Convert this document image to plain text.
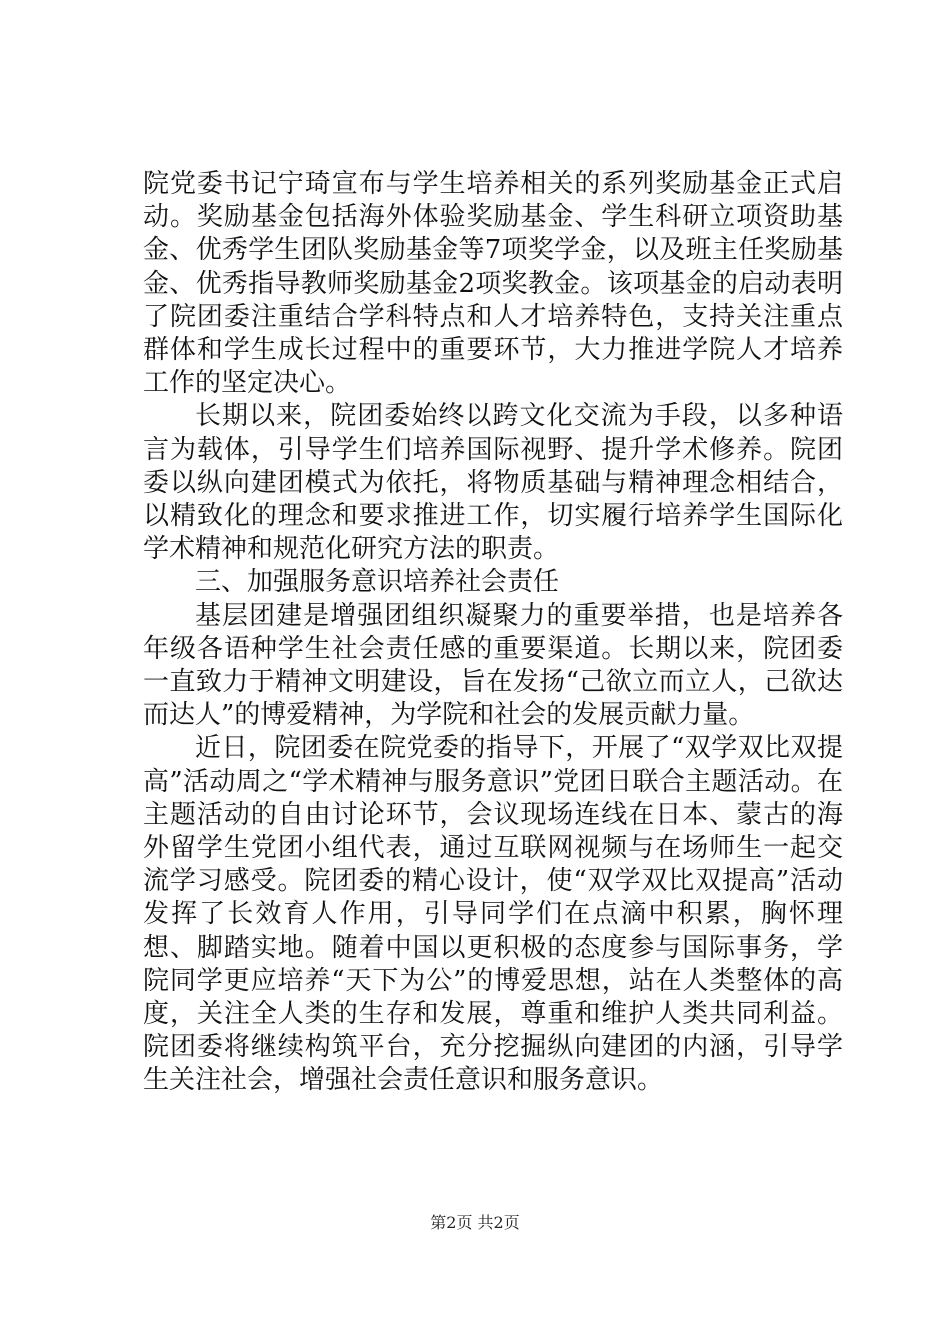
院党委书记宁琦宣布与学生培养相关的系列奖励基金正式启动。奖励基金包括海外体验奖励基金、学生科研立项资助基金、优秀学生团队奖励基金等7项奖学金，以及班主任奖励基金、优秀指导教师奖励基金2项奖教金。该项基金的启动表明了院团委注重结合学科特点和人才培养特色，支持关注重点群体和学生成长过程中的重要环节，大力推进学院人才培养工作的坚定决心。

长期以来，院团委始终以跨文化交流为手段，以多种语言为载体，引导学生们培养国际视野、提升学术修养。院团委以纵向建团模式为依托，将物质基础与精神理念相结合，以精致化的理念和要求推进工作，切实履行培养学生国际化学术精神和规范化研究方法的职责。

三、加强服务意识培养社会责任

基层团建是增强团组织凝聚力的重要举措，也是培养各年级各语种学生社会责任感的重要渠道。长期以来，院团委一直致力于精神文明建设，旨在发扬“己欲立而立人，己欲达而达人”的博爱精神，为学院和社会的发展贡献力量。

近日，院团委在院党委的指导下，开展了“双学双比双提高”活动周之“学术精神与服务意识”党团日联合主题活动。在主题活动的自由讨论环节，会议现场连线在日本、蒙古的海外留学生党团小组代表，通过互联网视频与在场师生一起交流学习感受。院团委的精心设计，使“双学双比双提高”活动发挥了长效育人作用，引导同学们在点滴中积累，胸怀理想、脚踏实地。随着中国以更积极的态度参与国际事务，学院同学更应培养“天下为公”的博爱思想，站在人类整体的高度，关注全人类的生存和发展，尊重和维护人类共同利益。院团委将继续构筑平台，充分挖掘纵向建团的内涵，引导学生关注社会，增强社会责任意识和服务意识。

第2页 共2页
